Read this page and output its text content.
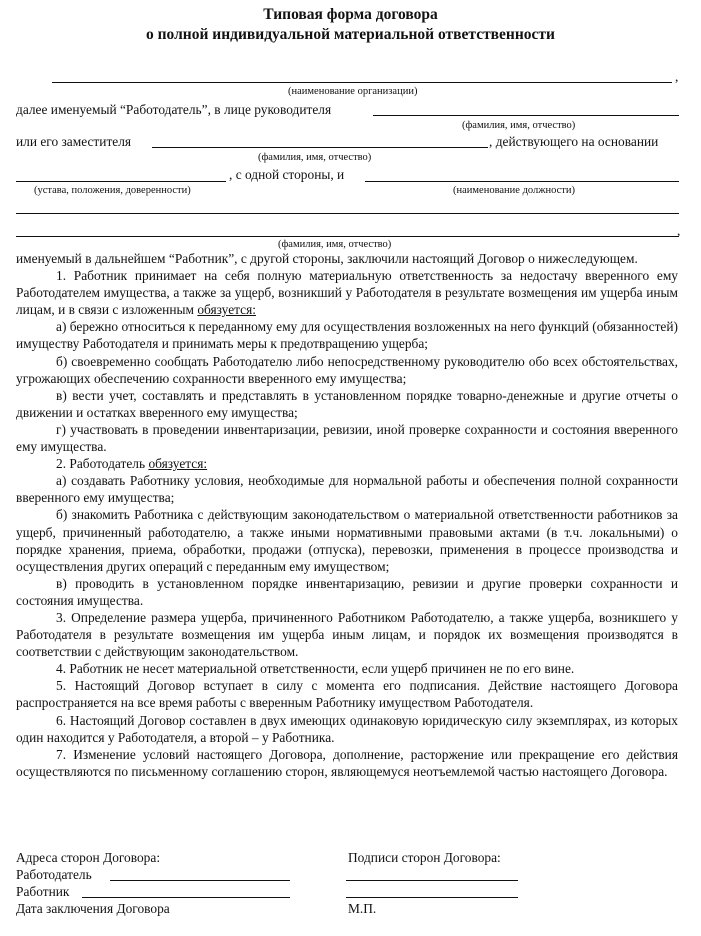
Типовая форма договора
о полной индивидуальной материальной ответственности
,
(наименование организации)
далее именуемый “Работодатель”, в лице руководителя
(фамилия, имя, отчество)
или его заместителя	, действующего на основании
(фамилия, имя, отчество)
, с одной стороны, и
(устава, положения, доверенности)	(наименование должности)
,
(фамилия, имя, отчество)

именуемый в дальнейшем “Работник”, с другой стороны, заключили настоящий Договор о нижеследующем.

1. Работник принимает на себя полную материальную ответственность за недостачу вверенного ему Работодателем имущества, а также за ущерб, возникший у Работодателя в результате возмещения им ущерба иным лицам, и в связи с изложенным обязуется:

а) бережно относиться к переданному ему для осуществления возложенных на него функций (обязанностей) имуществу Работодателя и принимать меры к предотвращению ущерба;

б) своевременно сообщать Работодателю либо непосредственному руководителю обо всех обстоятельствах, угрожающих обеспечению сохранности вверенного ему имущества;

в) вести учет, составлять и представлять в установленном порядке товарно-денежные и другие отчеты о движении и остатках вверенного ему имущества;

г) участвовать в проведении инвентаризации, ревизии, иной проверке сохранности и состояния вверенного ему имущества.

2. Работодатель обязуется:

а) создавать Работнику условия, необходимые для нормальной работы и обеспечения полной сохранности вверенного ему имущества;

б) знакомить Работника с действующим законодательством о материальной ответственности работников за ущерб, причиненный работодателю, а также иными нормативными правовыми актами (в т.ч. локальными) о порядке хранения, приема, обработки, продажи (отпуска), перевозки, применения в процессе производства и осуществления других операций с переданным ему имуществом;

в) проводить в установленном порядке инвентаризацию, ревизии и другие проверки сохранности и состояния имущества.

3. Определение размера ущерба, причиненного Работником Работодателю, а также ущерба, возникшего у Работодателя в результате возмещения им ущерба иным лицам, и порядок их возмещения производятся в соответствии с действующим законодательством.

4. Работник не несет материальной ответственности, если ущерб причинен не по его вине.

5. Настоящий Договор вступает в силу с момента его подписания. Действие настоящего Договора распространяется на все время работы с вверенным Работнику имуществом Работодателя.

6. Настоящий Договор составлен в двух имеющих одинаковую юридическую силу экземплярах, из которых один находится у Работодателя, а второй – у Работника.

7. Изменение условий настоящего Договора, дополнение, расторжение или прекращение его действия осуществляются по письменному соглашению сторон, являющемуся неотъемлемой частью настоящего Договора.

Адреса сторон Договора:	Подписи сторон Договора:
Работодатель
Работник
Дата заключения Договора	М.П.
